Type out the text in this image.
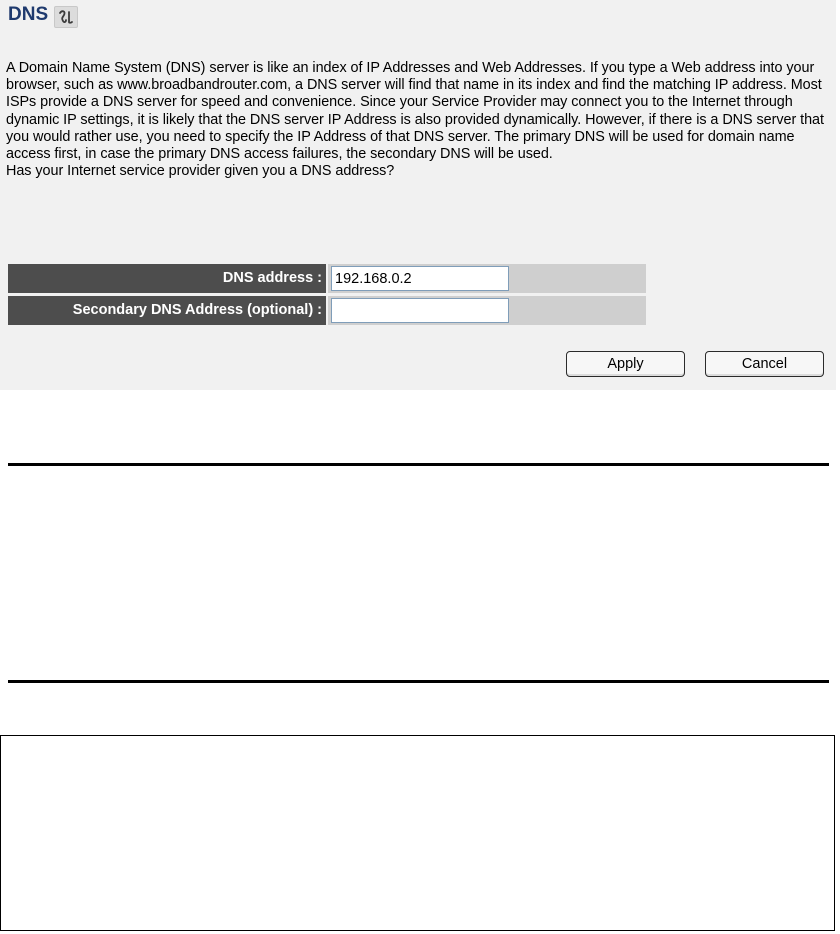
DNS

A Domain Name System (DNS) server is like an index of IP Addresses and Web Addresses. If you type a Web address into your browser, such as www.broadbandrouter.com, a DNS server will find that name in its index and find the matching IP address. Most ISPs provide a DNS server for speed and convenience. Since your Service Provider may connect you to the Internet through dynamic IP settings, it is likely that the DNS server IP Address is also provided dynamically. However, if there is a DNS server that you would rather use, you need to specify the IP Address of that DNS server. The primary DNS will be used for domain name access first, in case the primary DNS access failures, the secondary DNS will be used.

Has your Internet service provider given you a DNS address?

DNS address :
192.168.0.2
Secondary DNS Address (optional) :
Apply	Cancel
